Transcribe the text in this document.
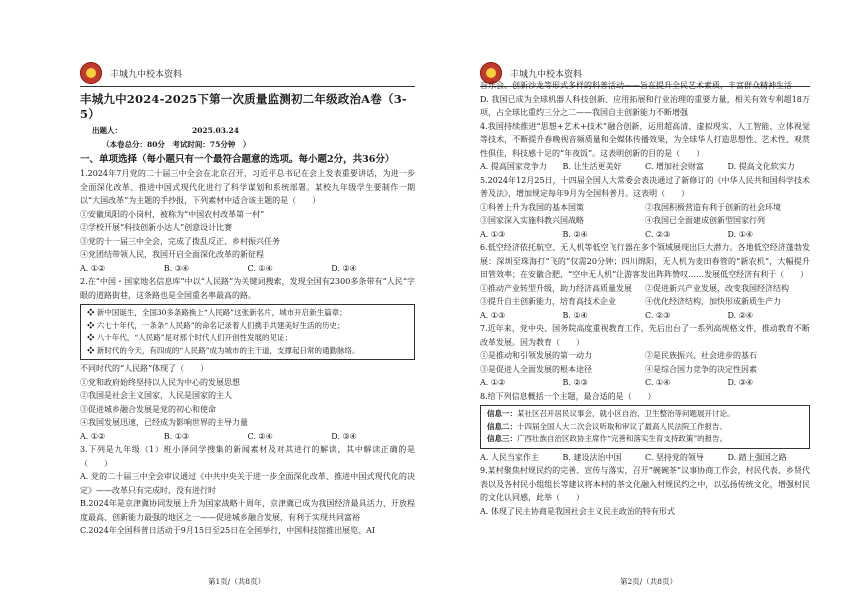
丰城九中校本资料
丰城九中2024-2025下第一次质量监测初二年级政治A卷（3-5）
出题人：	2025.03.24
（本卷总分：80分　考试时间：75分钟　）
一、单项选择（每小题只有一个最符合题意的选项。每小题2分，共36分）

1.2024年7月党的二十届三中全会在北京召开，习近平总书记在会上发表重要讲话，为进一步全面深化改革、推进中国式现代化进行了科学谋划和系统部署。某校九年级学生要制作一期以“大国改革”为主题的手抄报，下列素材中适合该主题的是（　　）

①安徽凤阳的小岗村，被称为“中国农村改革第一村”
②学校开展“科技创新小达人”创意设计比赛
③党的十一届三中全会，完成了拨乱反正、乡村振兴任务
④党团结带领人民，我国开启全面深化改革的新征程
A. ①②	B. ③④	C. ①④	D. ②④

2.在“中国・国家地名信息库”中以“人民路”为关键词搜索，发现全国有2300多条带有“人民”字眼的道路街巷，这条路也是全国重名率最高的路。

❖ 新中国诞生，全国30多条路换上“人民路”这张新名片，城市开启新生篇章；
❖ 六七十年代，一条条“人民路”的命名记录着人们携手共建美好生活的历史；
❖ 八十年代，“人民路”是对那个时代人们开创性发展的见证；
❖ 新时代的今天，有四成的“人民路”成为城市的主干道，支撑起日常的通勤脉络。
不同时代的“人民路”体现了（　　）
①党和政府始终坚持以人民为中心的发展思想
②我国是社会主义国家，人民是国家的主人
③促进城乡融合发展是党的初心和使命
④我国发展迅速，已经成为影响世界的主导力量
A. ①②	B. ①③	C. ②④	D. ③④

3.下列是九年级（1）班小泽同学搜集的新闻素材及对其进行的解读，其中解读正确的是（　　）

A. 党的二十届三中全会审议通过《中共中央关于进一步全面深化改革、推进中国式现代化的决定》——改革只有完成时，没有进行时

B.2024年是京津冀协同发展上升为国家战略十周年，京津冀已成为我国经济最具活力、开放程度最高、创新能力最强的地区之一——促进城乡融合发展，有利于实现共同富裕

C.2024年全国科普日活动于9月15日至25日在全国举行，中国科技馆推出展览、AI

第1页/（共8页）
丰城九中校本资料

音乐会、创新沙龙等形式多样的科普活动——旨在提升全民艺术素质，丰富群众精神生活

D. 我国已成为全球机器人科技创新、应用拓展和行业治理的重要力量，相关有效专利超18万项，占全球比重约三分之二——我国自主创新能力不断增强

4.我国持续推进“思想+艺术+技术”融合创新，运用超高清、虚拟现实、人工智能、立体视觉等技术，不断提升春晚视音频质量和全媒体传播效果，为全球华人打造思想性、艺术性、观赏性俱佳，科技感十足的“年夜饭”。这表明创新的目的是（　　）

A. 提高国家竞争力	B. 让生活更美好	C. 增加社会财富	D. 提高文化软实力

5.2024年12月25日，十四届全国人大常委会表决通过了新修订的《中华人民共和国科学技术普及法》，增加规定每年9月为全国科普月。这表明（　　）

①科普上升为我国的基本国策	②我国积极营造有利于创新的社会环境
③国家深入实施科教兴国战略	④我国已全面建成创新型国家行列
A. ①③	B. ②④	C. ②③	D. ①④

6.低空经济依托航空、无人机等低空飞行器在多个领域展现出巨大潜力。各地低空经济蓬勃发展：深圳至珠海打“飞的”仅需20分钟；四川绵阳，无人机为麦田春管的“新农机”，大幅提升田管效率；在安徽合肥，“空中无人机”让游客发出阵阵赞叹……发展低空经济有利于（　　）

①推动产业转型升级，助力经济高质量发展	②促进新兴产业发展，改变我国经济结构
③提升自主创新能力，培育高技术企业	④优化经济结构，加快形成新质生产力
A. ①③	B. ①④	C. ②③	D. ②④

7.近年来，党中央、国务院高度重视教育工作，先后出台了一系列高规格文件，推动教育不断改革发展。因为教育（　　）

①是推动和引领发展的第一动力	②是民族振兴、社会进步的基石
③是促进人全面发展的根本途径	④是综合国力竞争的决定性因素
A. ①②	B. ②③	C. ①④	D. ③④

8.给下列信息概括一个主题，最合适的是（　　）

信息一：某社区召开居民议事会，就小区自治、卫生整治等问题展开讨论。
信息二：十四届全国人大二次会议听取和审议了最高人民法院工作报告。
信息三：广西壮族自治区政协主席作“完善和落实生育支持政策”的报告。
A. 人民当家作主	B. 建设法治中国	C. 坚持党的领导	D. 踏上强国之路

9.某村聚焦村规民约的完善、宣传与落实，召开“碗碗茶”议事协商工作会，村民代表、乡贤代表以及各村民小组组长等建议将本村的茶文化融入村规民约之中，以弘扬传统文化，增强村民的文化认同感，此举（　　）

A. 体现了民主协商是我国社会主义民主政治的特有形式

第2页/（共8页）
